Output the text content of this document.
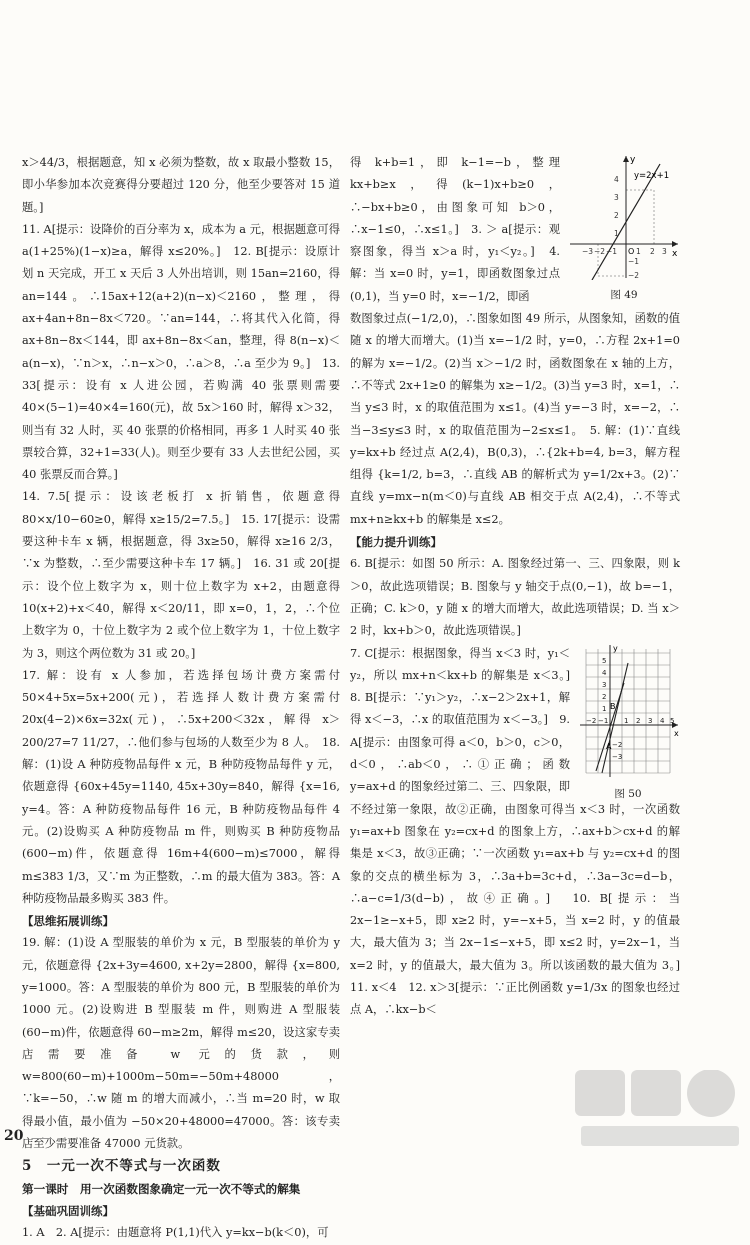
x＞44/3，根据题意，知 x 必须为整数，故 x 取最小整数 15，即小华参加本次竞赛得分要超过 120 分，他至少要答对 15 道题。]

11. A[提示：设降价的百分率为 x，成本为 a 元，根据题意可得 a(1+25%)(1−x)≥a，解得 x≤20%。]　12. B[提示：设原计划 n 天完成，开工 x 天后 3 人外出培训，则 15an=2160，得 an=144。∴15ax+12(a+2)(n−x)＜2160，整理，得 ax+4an+8n−8x＜720。∵an=144，∴将其代入化简，得 ax+8n−8x＜144，即 ax+8n−8x＜an，整理，得 8(n−x)＜a(n−x)，∵n＞x，∴n−x＞0，∴a＞8，∴a 至少为 9。]　13. 33[提示：设有 x 人进公园，若购满 40 张票则需要 40×(5−1)=40×4=160(元)，故 5x＞160 时，解得 x＞32，则当有 32 人时，买 40 张票的价格相同，再多 1 人时买 40 张票较合算，32+1=33(人)。则至少要有 33 人去世纪公园，买 40 张票反而合算。]

14. 7.5[提示：设该老板打 x 折销售，依题意得 80×x/10−60≥0，解得 x≥15/2=7.5。]　15. 17[提示：设需要这种卡车 x 辆，根据题意，得 3x≥50，解得 x≥16 2/3，∵x 为整数，∴至少需要这种卡车 17 辆。]　16. 31 或 20[提示：设个位上数字为 x，则十位上数字为 x+2，由题意得 10(x+2)+x＜40，解得 x＜20/11，即 x=0，1，2，∴个位上数字为 0，十位上数字为 2 或个位上数字为 1，十位上数字为 3，则这个两位数为 31 或 20。]

17. 解：设有 x 人参加，若选择包场计费方案需付 50×4+5x=5x+200(元)，若选择人数计费方案需付 20x(4−2)×6x=32x(元)，∴5x+200＜32x，解得 x＞200/27=7 11/27，∴他们参与包场的人数至少为 8 人。　18. 解：(1)设 A 种防疫物品每件 x 元，B 种防疫物品每件 y 元，依题意得 {60x+45y=1140, 45x+30y=840，解得 {x=16, y=4。答：A 种防疫物品每件 16 元，B 种防疫物品每件 4 元。(2)设购买 A 种防疫物品 m 件，则购买 B 种防疫物品(600−m)件，依题意得 16m+4(600−m)≤7000，解得 m≤383 1/3，又∵m 为正整数，∴m 的最大值为 383。答：A 种防疫物品最多购买 383 件。

【思维拓展训练】

19. 解：(1)设 A 型服装的单价为 x 元，B 型服装的单价为 y 元，依题意得 {2x+3y=4600, x+2y=2800，解得 {x=800, y=1000。答：A 型服装的单价为 800 元，B 型服装的单价为 1000 元。(2)设购进 B 型服装 m 件，则购进 A 型服装(60−m)件，依题意得 60−m≥2m，解得 m≤20，设这家专卖店需要准备 w 元的货款，则 w=800(60−m)+1000m−50m=−50m+48000，∵k=−50，∴w 随 m 的增大而减小，∴当 m=20 时，w 取得最小值，最小值为 −50×20+48000=47000。答：该专卖店至少需要准备 47000 元货款。

5　一元一次不等式与一次函数

第一课时　用一次函数图象确定一元一次不等式的解集

【基础巩固训练】

1. A　2. A[提示：由题意将 P(1,1)代入 y=kx−b(k＜0)，可

x
y
O
y=2x+1
4
3
2
1
−1
−2
−3 −2 −1	1 2 3
图 49

得 k+b=1，即 k−1=−b，整理 kx+b≥x，得(k−1)x+b≥0，∴−bx+b≥0，由图象可知 b＞0，∴x−1≤0，∴x≤1。]　3. ＞ a[提示：观察图象，得当 x＞a 时，y₁＜y₂。]　4. 解：当 x=0 时，y=1，即函数图象过点(0,1)，当 y=0 时，x=−1/2，即函

数图象过点(−1/2,0)，∴图象如图 49 所示，从图象知，函数的值随 x 的增大而增大。(1)当 x=−1/2 时，y=0，∴方程 2x+1=0 的解为 x=−1/2。(2)当 x＞−1/2 时，函数图象在 x 轴的上方，∴不等式 2x+1≥0 的解集为 x≥−1/2。(3)当 y=3 时，x=1，∴当 y≤3 时，x 的取值范围为 x≤1。(4)当 y=−3 时，x=−2，∴当−3≤y≤3 时，x 的取值范围为−2≤x≤1。　5. 解：(1)∵直线 y=kx+b 经过点 A(2,4)，B(0,3)，∴{2k+b=4, b=3，解方程组得 {k=1/2, b=3，∴直线 AB 的解析式为 y=1/2x+3。(2)∵直线 y=mx−n(m＜0)与直线 AB 相交于点 A(2,4)，∴不等式 mx+n≥kx+b 的解集是 x≤2。

【能力提升训练】

6. B[提示：如图 50 所示：A. 图象经过第一、三、四象限，则 k＞0，故此选项错误；B. 图象与 y 轴交于点(0,−1)，故 b=−1，正确；C. k＞0，y 随 x 的增大而增大，故此选项错误；D. 当 x＞2 时，kx+b＞0，故此选项错误。]

x
y
B
A
5
4
3
2
1
−2 −1 1 2 3 4 5
−2
−3
图 50

7. C[提示：根据图象，得当 x＜3 时，y₁＜y₂，所以 mx+n＜kx+b 的解集是 x＜3。]　8. B[提示：∵y₁＞y₂，∴x−2＞2x+1，解得 x＜−3，∴x 的取值范围为 x＜−3。]　9. A[提示：由图象可得 a＜0，b＞0，c＞0，d＜0，∴ab＜0，∴①正确；函数 y=ax+d 的图象经过第二、三、四象限，即不经过第一象限，故②正确，由图象可得当 x＜3 时，一次函数 y₁=ax+b 图象在 y₂=cx+d 的图象上方，∴ax+b＞cx+d 的解集是 x＜3，故③正确；∵一次函数 y₁=ax+b 与 y₂=cx+d 的图象的交点的横坐标为 3，∴3a+b=3c+d，∴3a−3c=d−b，∴a−c=1/3(d−b)，故④正确。]　10. B[提示：当 2x−1≥−x+5，即 x≥2 时，y=−x+5，当 x=2 时，y 的值最大，最大值为 3；当 2x−1≤−x+5，即 x≤2 时，y=2x−1，当 x=2 时，y 的值最大，最大值为 3。所以该函数的最大值为 3。]　11. x＜4　12. x＞3[提示：∵正比例函数 y=1/3x 的图象也经过点 A，∴kx−b＜

20
